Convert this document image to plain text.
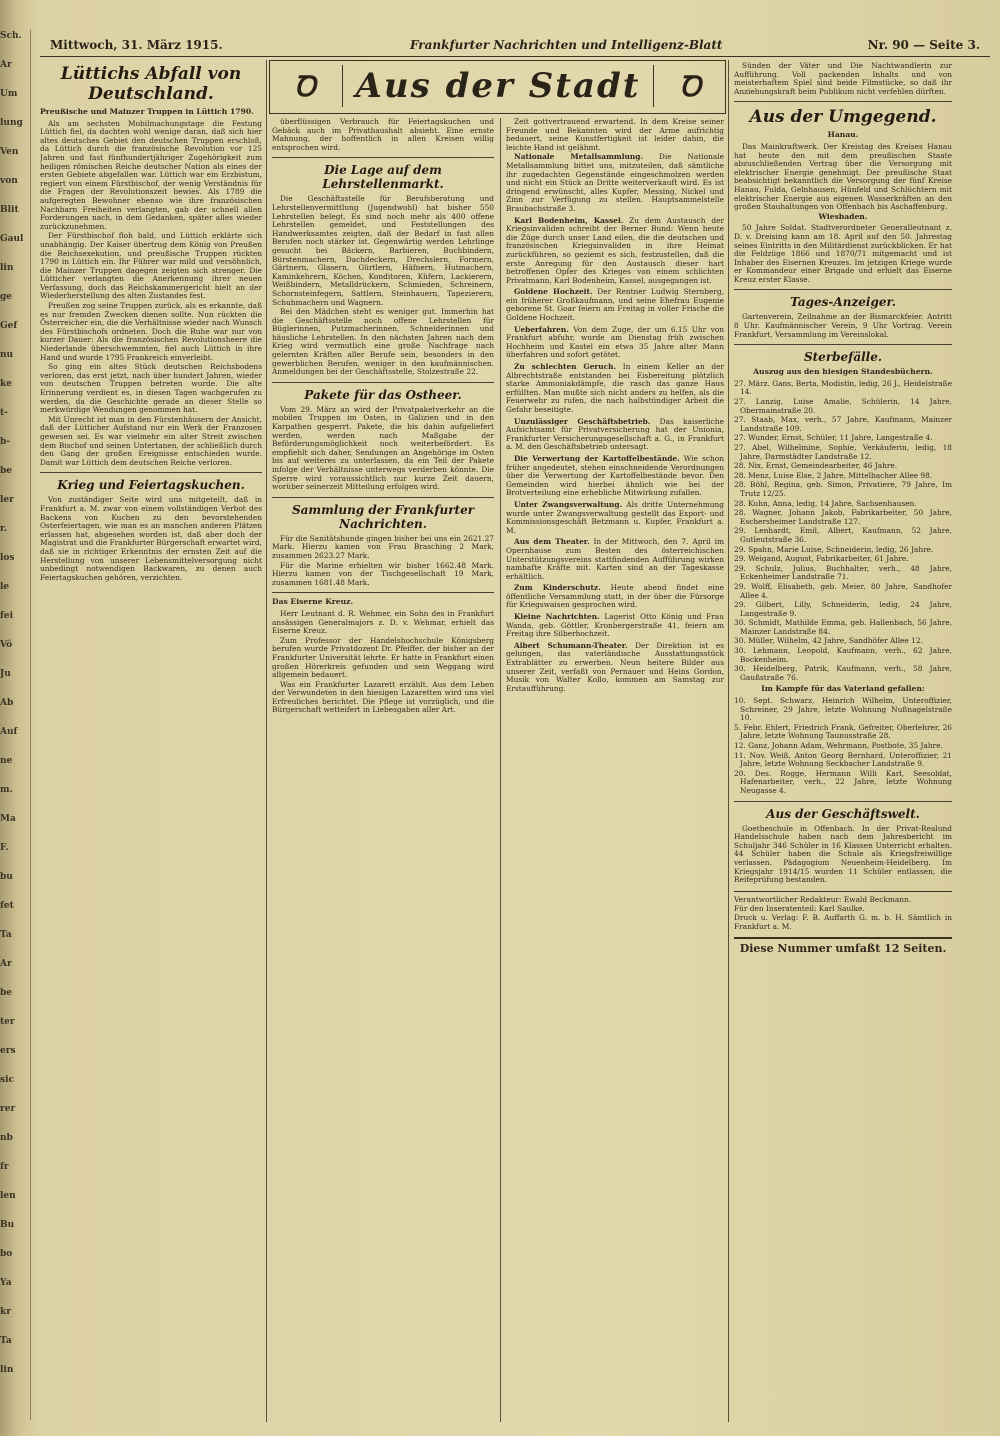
Sch.
Ar
Um
lung
Ven
von
Blit
Gaul
lin
ge
Gef
nu
ke
t-
b-
be
ler
r.
los
le
fei
Vö
Ju
Ab
Auf
ne
m.
Ma
F.
bu
fet
Ta
Ar
be
ter
ers
sic
rer
nb
fr
len
Bu
bo
Ya
kr
Ta
lin
Mittwoch, 31. März 1915.	Frankfurter Nachrichten und Intelligenz-Blatt	Nr. 90 — Seite 3.
Lüttichs Abfall von Deutschland.
Preußische und Mainzer Truppen in Lüttich 1790.

Als am sechsten Mobilmachungstage die Festung Lüttich fiel, da dachten wohl wenige daran, daß sich hier altes deutsches Gebiet den deutschen Truppen erschloß, da Lüttich durch die französische Revolution vor 125 Jahren und fast fünfhundertjähriger Zugehörigkeit zum heiligen römischen Reiche deutscher Nation als eines der ersten Gebiete abgefallen war. Lüttich war ein Erzbistum, regiert von einem Fürstbischof, der wenig Verständnis für die Fragen der Revolutionszeit bewies. Als 1789 die aufgeregten Bewohner ebenso wie ihre französischen Nachbarn Freiheiten verlangten, gab der schnell allen Forderungen nach, in dem Gedanken, später alles wieder zurückzunehmen.

Der Fürstbischof floh bald, und Lüttich erklärte sich unabhängig. Der Kaiser übertrug dem König von Preußen die Reichsexekution, und preußische Truppen rückten 1790 in Lüttich ein. Ihr Führer war mild und versöhnlich, die Mainzer Truppen dagegen zeigten sich strenger. Die Lütticher verlangten die Anerkennung ihrer neuen Verfassung, doch das Reichskammergericht hielt an der Wiederherstellung des alten Zustandes fest.

Preußen zog seine Truppen zurück, als es erkannte, daß es nur fremden Zwecken dienen sollte. Nun rückten die Österreicher ein, die die Verhältnisse wieder nach Wunsch des Fürstbischofs ordneten. Doch die Ruhe war nur von kurzer Dauer: Als die französischen Revolutionsheere die Niederlande überschwemmten, fiel auch Lüttich in ihre Hand und wurde 1795 Frankreich einverleibt.

So ging ein altes Stück deutschen Reichsbodens verloren, das erst jetzt, nach über hundert Jahren, wieder von deutschen Truppen betreten wurde. Die alte Erinnerung verdient es, in diesen Tagen wachgerufen zu werden, da die Geschichte gerade an dieser Stelle so merkwürdige Wendungen genommen hat.

Mit Unrecht ist man in den Fürstenhäusern der Ansicht, daß der Lütticher Aufstand nur ein Werk der Franzosen gewesen sei. Es war vielmehr ein alter Streit zwischen dem Bischof und seinen Untertanen, der schließlich durch den Gang der großen Ereignisse entschieden wurde. Damit war Lüttich dem deutschen Reiche verloren.

Krieg und Feiertagskuchen.

Von zuständiger Seite wird uns mitgeteilt, daß in Frankfurt a. M. zwar von einem vollständigen Verbot des Backens von Kuchen zu den bevorstehenden Osterfeiertagen, wie man es an manchen anderen Plätzen erlassen hat, abgesehen worden ist, daß aber doch der Magistrat und die Frankfurter Bürgerschaft erwartet wird, daß sie in richtiger Erkenntnis der ernsten Zeit auf die Herstellung von unserer Lebensmittelversorgung nicht unbedingt notwendigen Backwaren, zu denen auch Feiertagskuchen gehören, verzichten.

Ꝺ	Aus der Stadt	Ꝺ

überflüssigen Verbrauch für Feiertagskuchen und Gebäck auch im Privathaushalt absieht. Eine ernste Mahnung, der hoffentlich in allen Kreisen willig entsprochen wird.

Die Lage auf dem Lehrstellenmarkt.

Die Geschäftsstelle für Berufsberatung und Lehrstellenvermittlung (Jugendwohl) hat bisher 550 Lehrstellen belegt. Es sind noch mehr als 400 offene Lehrstellen gemeldet, und Feststellungen des Handwerksamtes zeigten, daß der Bedarf in fast allen Berufen noch stärker ist. Gegenwärtig werden Lehrlinge gesucht bei Bäckern, Barbieren, Buchbindern, Bürstenmachern, Dachdeckern, Drechslern, Formern, Gärtnern, Glasern, Gürtlern, Häfnern, Hutmachern, Kaminkehrern, Köchen, Konditoren, Küfern, Lackierern, Weißbindern, Metalldrückern, Schmieden, Schreinern, Schornsteinfegern, Sattlern, Steinhauern, Tapezierern, Schuhmachern und Wagnern.

Bei den Mädchen steht es weniger gut. Immerhin hat die Geschäftsstelle noch offene Lehrstellen für Büglerinnen, Putzmacherinnen, Schneiderinnen und häusliche Lehrstellen. In den nächsten Jahren nach dem Krieg wird vermutlich eine große Nachfrage nach gelernten Kräften aller Berufe sein, besonders in den gewerblichen Berufen, weniger in den kaufmännischen. Anmeldungen bei der Geschäftsstelle, Stolzestraße 22.

Pakete für das Ostheer.

Vom 29. März an wird der Privatpaketverkehr an die mobilen Truppen im Osten, in Galizien und in den Karpathen gesperrt. Pakete, die bis dahin aufgeliefert werden, werden nach Maßgabe der Beförderungsmöglichkeit noch weiterbefördert. Es empfiehlt sich daher, Sendungen an Angehörige im Osten bis auf weiteres zu unterlassen, da ein Teil der Pakete infolge der Verhältnisse unterwegs verderben könnte. Die Sperre wird voraussichtlich nur kurze Zeit dauern, worüber seinerzeit Mitteilung erfolgen wird.

Sammlung der Frankfurter Nachrichten.

Für die Sanitätshunde gingen bisher bei uns ein 2621.27 Mark. Hierzu kamen von Frau Brasching 2 Mark, zusammen 2623.27 Mark.

Für die Marine erhielten wir bisher 1662.48 Mark. Hierzu kamen von der Tischgesellschaft 19 Mark, zusammen 1681.48 Mark.

Das Eiserne Kreuz.

Herr Leutnant d. R. Wehmer, ein Sohn des in Frankfurt ansässigen Generalmajors z. D. v. Wehmar, erhielt das Eiserne Kreuz.

Zum Professor der Handelshochschule Königsberg berufen wurde Privatdozent Dr. Pfeiffer, der bisher an der Frankfurter Universität lehrte. Er hatte in Frankfurt einen großen Hörerkreis gefunden und sein Weggang wird allgemein bedauert.

Was ein Frankfurter Lazarett erzählt. Aus dem Leben der Verwundeten in den hiesigen Lazaretten wird uns viel Erfreuliches berichtet. Die Pflege ist vorzüglich, und die Bürgerschaft wetteifert in Liebesgaben aller Art.

Zeit gottvertrauend erwartend. In dem Kreise seiner Freunde und Bekannten wird der Arme aufrichtig bedauert, seine Kunstfertigkeit ist leider dahin, die leichte Hand ist gelähmt.

Nationale Metallsammlung. Die Nationale Metallsammlung bittet uns, mitzuteilen, daß sämtliche ihr zugedachten Gegenstände eingeschmolzen werden und nicht ein Stück an Dritte weiterverkauft wird. Es ist dringend erwünscht, alles Kupfer, Messing, Nickel und Zinn zur Verfügung zu stellen. Hauptsammelstelle Braubachstraße 3.

Karl Bodenheim, Kassel. Zu dem Austausch der Kriegsinvaliden schreibt der Berner Bund: Wenn heute die Züge durch unser Land eilen, die die deutschen und französischen Kriegsinvaliden in ihre Heimat zurückführen, so geziemt es sich, festzustellen, daß die erste Anregung für den Austausch dieser hart betroffenen Opfer des Krieges von einem schlichten Privatmann, Karl Bodenheim, Kassel, ausgegangen ist.

Goldene Hochzeit. Der Rentner Ludwig Sternberg, ein früherer Großkaufmann, und seine Ehefrau Eugenie geborene St. Goar feiern am Freitag in voller Frische die Goldene Hochzeit.

Ueberfahren. Von dem Zuge, der um 6.15 Uhr von Frankfurt abfuhr, wurde am Dienstag früh zwischen Hochheim und Kastel ein etwa 35 Jahre alter Mann überfahren und sofort getötet.

Zu schlechten Geruch. In einem Keller an der Albrechtstraße entstanden bei Eisbereitung plötzlich starke Ammoniakdämpfe, die rasch das ganze Haus erfüllten. Man mußte sich nicht anders zu helfen, als die Feuerwehr zu rufen, die nach halbstündiger Arbeit die Gefahr beseitigte.

Unzulässiger Geschäftsbetrieb. Das kaiserliche Aufsichtsamt für Privatversicherung hat der Unionia, Frankfurter Versicherungsgesellschaft a. G., in Frankfurt a. M. den Geschäftsbetrieb untersagt.

Die Verwertung der Kartoffelbestände. Wie schon früher angedeutet, stehen einschneidende Verordnungen über die Verwertung der Kartoffelbestände bevor. Den Gemeinden wird hierbei ähnlich wie bei der Brotverteilung eine erhebliche Mitwirkung zufallen.

Unter Zwangsverwaltung. Als dritte Unternehmung wurde unter Zwangsverwaltung gestellt das Export- und Kommissionsgeschäft Betzmann u. Kupfer, Frankfurt a. M.

Aus dem Theater. In der Mittwoch, den 7. April im Opernhause zum Besten des österreichischen Unterstützungsvereins stattfindenden Aufführung wirken namhafte Kräfte mit. Karten sind an der Tageskasse erhältlich.

Zum Kinderschutz. Heute abend findet eine öffentliche Versammlung statt, in der über die Fürsorge für Kriegswaisen gesprochen wird.

Kleine Nachrichten. Lagerist Otto König und Frau Wanda, geb. Göttler, Kronbergerstraße 41, feiern am Freitag ihre Silberhochzeit.

Albert Schumann-Theater. Der Direktion ist es gelungen, das vaterländische Ausstattungsstück Extrablätter zu erwerben. Neun heitere Bilder aus unserer Zeit, verfaßt von Pernauer und Heins Gordon, Musik von Walter Kollo, kommen am Samstag zur Erstaufführung.

Sünden der Väter und Die Nachtwandlerin zur Aufführung. Voll packenden Inhalts und von meisterhaftem Spiel sind beide Filmstücke, so daß ihr Anziehungskraft beim Publikum nicht verfehlen dürften.

Aus der Umgegend.
Hanau.

Das Mainkraftwerk. Der Kreistag des Kreises Hanau hat heute den mit dem preußischen Staate abzuschließenden Vertrag über die Versorgung mit elektrischer Energie genehmigt. Der preußische Staat beabsichtigt bekanntlich die Versorgung der fünf Kreise Hanau, Fulda, Gelnhausen, Hünfeld und Schlüchtern mit elektrischer Energie aus eigenen Wasserkräften an den großen Stauhaltungen von Offenbach bis Aschaffenburg.

Wiesbaden.

50 Jahre Soldat. Stadtverordneter Generalleutnant z. D. v. Dreising kann am 18. April auf den 50. Jahrestag seines Eintritts in den Militärdienst zurückblicken. Er hat die Feldzüge 1866 und 1870/71 mitgemacht und ist Inhaber des Eisernen Kreuzes. Im jetzigen Kriege wurde er Kommandeur einer Brigade und erhielt das Eiserne Kreuz erster Klasse.

Tages-Anzeiger.

Gartenverein, Zeilnahme an der Bismarckfeier. Antritt 8 Uhr. Kaufmännischer Verein, 9 Uhr Vortrag. Verein Frankfurt, Versammlung im Vereinslokal.

Sterbefälle.
Auszug aus den hiesigen Standesbüchern.
27. März. Gans, Berta, Modistin, ledig, 26 J., Heidelstraße 14.
27. Lanzig, Luise Amalie, Schülerin, 14 Jahre, Obermainstraße 20.
27. Staab, Max, verh., 57 Jahre, Kaufmann, Mainzer Landstraße 109.
27. Wunder, Ernst, Schüler, 11 Jahre, Langestraße 4.
27. Abel, Wilhelmine, Sophie, Verkäuferin, ledig, 18 Jahre, Darmstädter Landstraße 12.
28. Nix, Ernst, Gemeindearbeiter, 46 Jahre.
28. Menz, Luise Else, 2 Jahre, Mittelbacher Allee 98.
28. Böhl, Regina, geb. Simon, Privatiere, 79 Jahre, Im Trutz 12/25.
28. Kuhn, Anna, ledig, 14 Jahre, Sachsenhausen.
28. Wagner, Johann Jakob, Fabrikarbeiter, 50 Jahre, Eschersheimer Landstraße 127.
29. Lenhardt, Emil, Albert, Kaufmann, 52 Jahre, Gutleutstraße 36.
29. Spahn, Marie Luise, Schneiderin, ledig, 26 Jahre.
29. Weigand, August, Fabrikarbeiter, 61 Jahre.
29. Schulz, Julius, Buchhalter, verh., 48 Jahre, Eckenheimer Landstraße 71.
29. Wolff, Elisabeth, geb. Meier, 80 Jahre, Sandhofer Allee 4.
29. Gilbert, Lilly, Schneiderin, ledig, 24 Jahre, Langestraße 9.
30. Schmidt, Mathilde Emma, geb. Hallenbach, 56 Jahre, Mainzer Landstraße 84.
30. Müller, Wilhelm, 42 Jahre, Sandhöfer Allee 12.
30. Lehmann, Leopold, Kaufmann, verh., 62 Jahre, Bockenheim.
30. Heidelberg, Patrik, Kaufmann, verh., 58 Jahre, Gaußstraße 76.
Im Kampfe für das Vaterland gefallen:
10. Sept. Schwarz, Heinrich Wilhelm, Unteroffizier, Schreiner, 29 Jahre, letzte Wohnung Nußnagelstraße 10.
5. Febr. Ehlert, Friedrich Frank, Gefreiter, Oberlehrer, 26 Jahre, letzte Wohnung Taunusstraße 28.
12. Ganz, Johann Adam, Wehrmann, Postbote, 35 Jahre.
11. Nov. Weiß, Anton Georg Bernhard, Unteroffizier, 21 Jahre, letzte Wohnung Seckbacher Landstraße 9.
20. Des. Rogge, Hermann Willi Karl, Seesoldat, Hafenarbeiter, verh., 22 Jahre, letzte Wohnung Neugasse 4.
Aus der Geschäftswelt.

Goetheschule in Offenbach. In der Privat-Realund Handelsschule haben nach dem Jahresbericht im Schuljahr 346 Schüler in 16 Klassen Unterricht erhalten. 44 Schüler haben die Schule als Kriegsfreiwillige verlassen. Pädagogium Neuenheim-Heidelberg. Im Kriegsjahr 1914/15 wurden 11 Schüler entlassen, die Reifeprüfung bestanden.

Verantwortlicher Redakteur: Ewald Beckmann.
Für den Inseratenteil: Karl Saulke.
Druck u. Verlag: F. B. Auffarth G. m. b. H. Sämtlich in Frankfurt a. M.
Diese Nummer umfaßt 12 Seiten.
